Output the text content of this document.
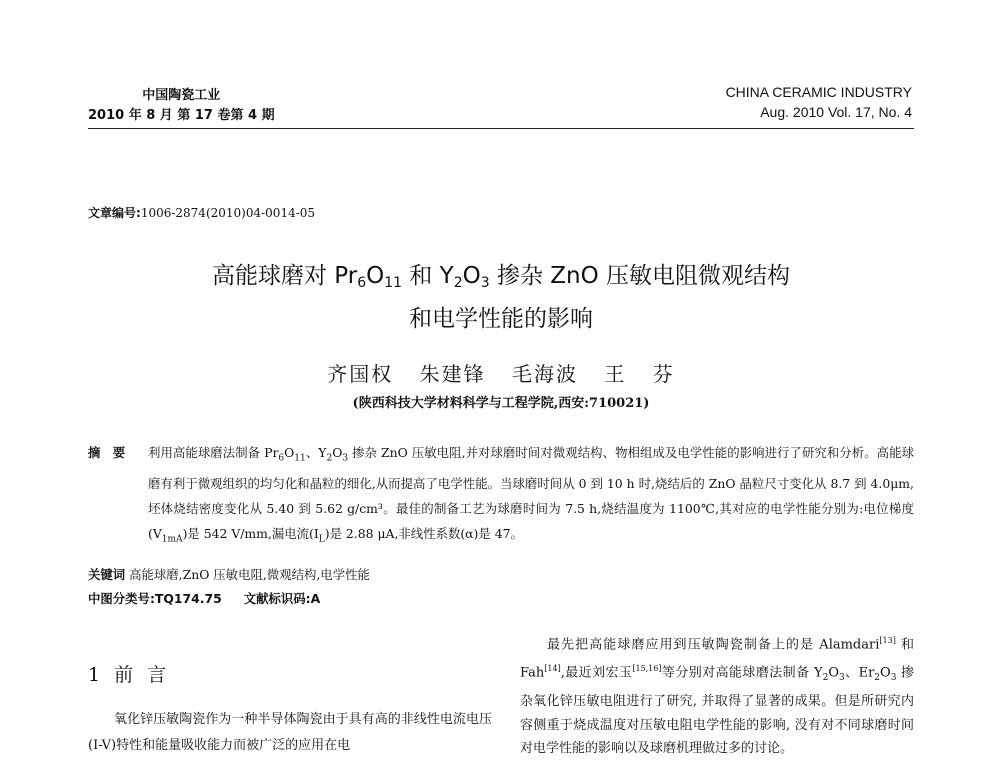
中国陶瓷工业
2010 年 8 月 第 17 卷第 4 期
CHINA CERAMIC INDUSTRY
Aug. 2010 Vol. 17, No. 4
文章编号:1006-2874(2010)04-0014-05
高能球磨对 $Pr_6O_{11}$ 和 $Y_2O_3$ 掺杂 ZnO 压敏电阻微观结构
和电学性能的影响
齐国权 朱建锋 毛海波 王 芬
(陕西科技大学材料科学与工程学院,西安:710021)
摘　要 利用高能球磨法制备 $Pr_6O_{11}$、$Y_2O_3$ 掺杂 ZnO 压敏电阻,并对球磨时间对微观结构、物相组成及电学性能的影响进行了研究和分析。高能球磨有利于微观组织的均匀化和晶粒的细化,从而提高了电学性能。当球磨时间从 0 到 10 h 时,烧结后的 ZnO 晶粒尺寸变化从 8.7 到 4.0μm,坯体烧结密度变化从 5.40 到 5.62 g/cm³。最佳的制备工艺为球磨时间为 7.5 h,烧结温度为 1100℃,其对应的电学性能分别为:电位梯度$(V_{1mA})$是 542 V/mm,漏电流$(I_L)$是 2.88 μA,非线性系数(α)是 47。
关键词 高能球磨,ZnO 压敏电阻,微观结构,电学性能
中图分类号:TQ174.75 文献标识码:A
1 前 言
氧化锌压敏陶瓷作为一种半导体陶瓷由于具有高的非线性电流电压(I-V)特性和能量吸收能力而被广泛的应用在电
最先把高能球磨应用到压敏陶瓷制备上的是 Alamdari[13] 和 Fah[14],最近刘宏玉[15,16]等分别对高能球磨法制备 $Y_2O_3$、$Er_2O_3$ 掺杂氧化锌压敏电阻进行了研究, 并取得了显著的成果。但是所研究内容侧重于烧成温度对压敏电阻电学性能的影响, 没有对不同球磨时间对电学性能的影响以及球磨机理做过多的讨论。
